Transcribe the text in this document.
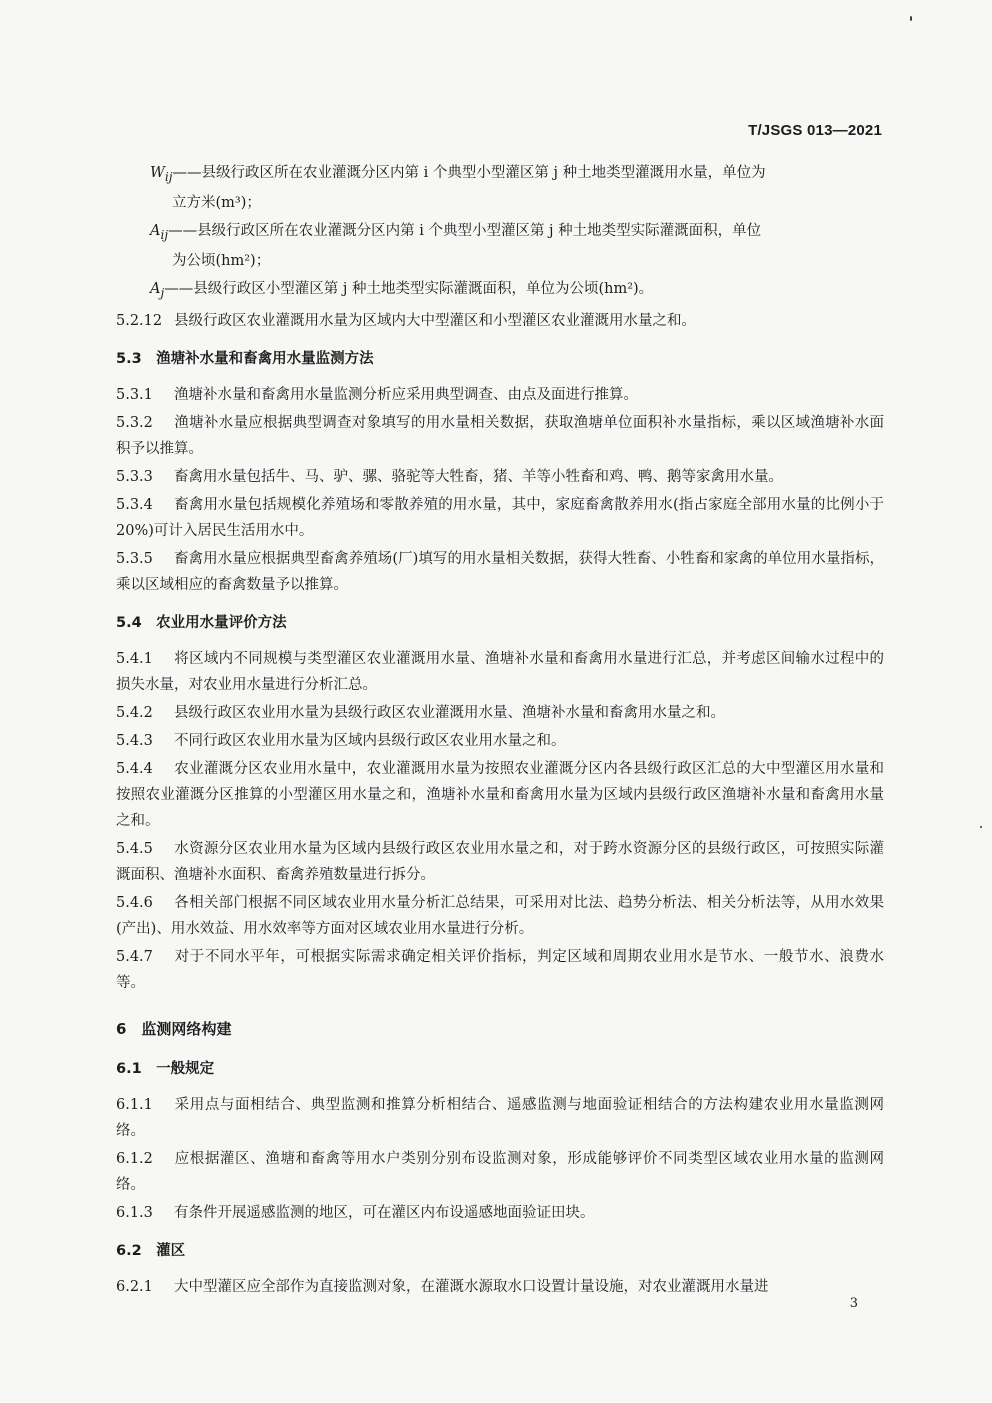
T/JSGS 013—2021
$W_{ij}——$县级行政区所在农业灌溉分区内第 i 个典型小型灌区第 j 种土地类型灌溉用水量，单位为
立方米(m³)；
$A_{ij}——$县级行政区所在农业灌溉分区内第 i 个典型小型灌区第 j 种土地类型实际灌溉面积，单位
为公顷(hm²)；
$A_j——$县级行政区小型灌区第 j 种土地类型实际灌溉面积，单位为公顷(hm²)。

5.2.12 县级行政区农业灌溉用水量为区域内大中型灌区和小型灌区农业灌溉用水量之和。

5.3　渔塘补水量和畜禽用水量监测方法

5.3.1 渔塘补水量和畜禽用水量监测分析应采用典型调查、由点及面进行推算。

5.3.2 渔塘补水量应根据典型调查对象填写的用水量相关数据，获取渔塘单位面积补水量指标，乘以区域渔塘补水面积予以推算。

5.3.3 畜禽用水量包括牛、马、驴、骡、骆驼等大牲畜，猪、羊等小牲畜和鸡、鸭、鹅等家禽用水量。

5.3.4 畜禽用水量包括规模化养殖场和零散养殖的用水量，其中，家庭畜禽散养用水(指占家庭全部用水量的比例小于20%)可计入居民生活用水中。

5.3.5 畜禽用水量应根据典型畜禽养殖场(厂)填写的用水量相关数据，获得大牲畜、小牲畜和家禽的单位用水量指标，乘以区域相应的畜禽数量予以推算。

5.4　农业用水量评价方法

5.4.1 将区域内不同规模与类型灌区农业灌溉用水量、渔塘补水量和畜禽用水量进行汇总，并考虑区间输水过程中的损失水量，对农业用水量进行分析汇总。

5.4.2 县级行政区农业用水量为县级行政区农业灌溉用水量、渔塘补水量和畜禽用水量之和。

5.4.3 不同行政区农业用水量为区域内县级行政区农业用水量之和。

5.4.4 农业灌溉分区农业用水量中，农业灌溉用水量为按照农业灌溉分区内各县级行政区汇总的大中型灌区用水量和按照农业灌溉分区推算的小型灌区用水量之和，渔塘补水量和畜禽用水量为区域内县级行政区渔塘补水量和畜禽用水量之和。

5.4.5 水资源分区农业用水量为区域内县级行政区农业用水量之和，对于跨水资源分区的县级行政区，可按照实际灌溉面积、渔塘补水面积、畜禽养殖数量进行拆分。

5.4.6 各相关部门根据不同区域农业用水量分析汇总结果，可采用对比法、趋势分析法、相关分析法等，从用水效果(产出)、用水效益、用水效率等方面对区域农业用水量进行分析。

5.4.7 对于不同水平年，可根据实际需求确定相关评价指标，判定区域和周期农业用水是节水、一般节水、浪费水等。

6　监测网络构建
6.1　一般规定

6.1.1 采用点与面相结合、典型监测和推算分析相结合、遥感监测与地面验证相结合的方法构建农业用水量监测网络。

6.1.2 应根据灌区、渔塘和畜禽等用水户类别分别布设监测对象，形成能够评价不同类型区域农业用水量的监测网络。

6.1.3 有条件开展遥感监测的地区，可在灌区内布设遥感地面验证田块。

6.2　灌区

6.2.1 大中型灌区应全部作为直接监测对象，在灌溉水源取水口设置计量设施，对农业灌溉用水量进

3
